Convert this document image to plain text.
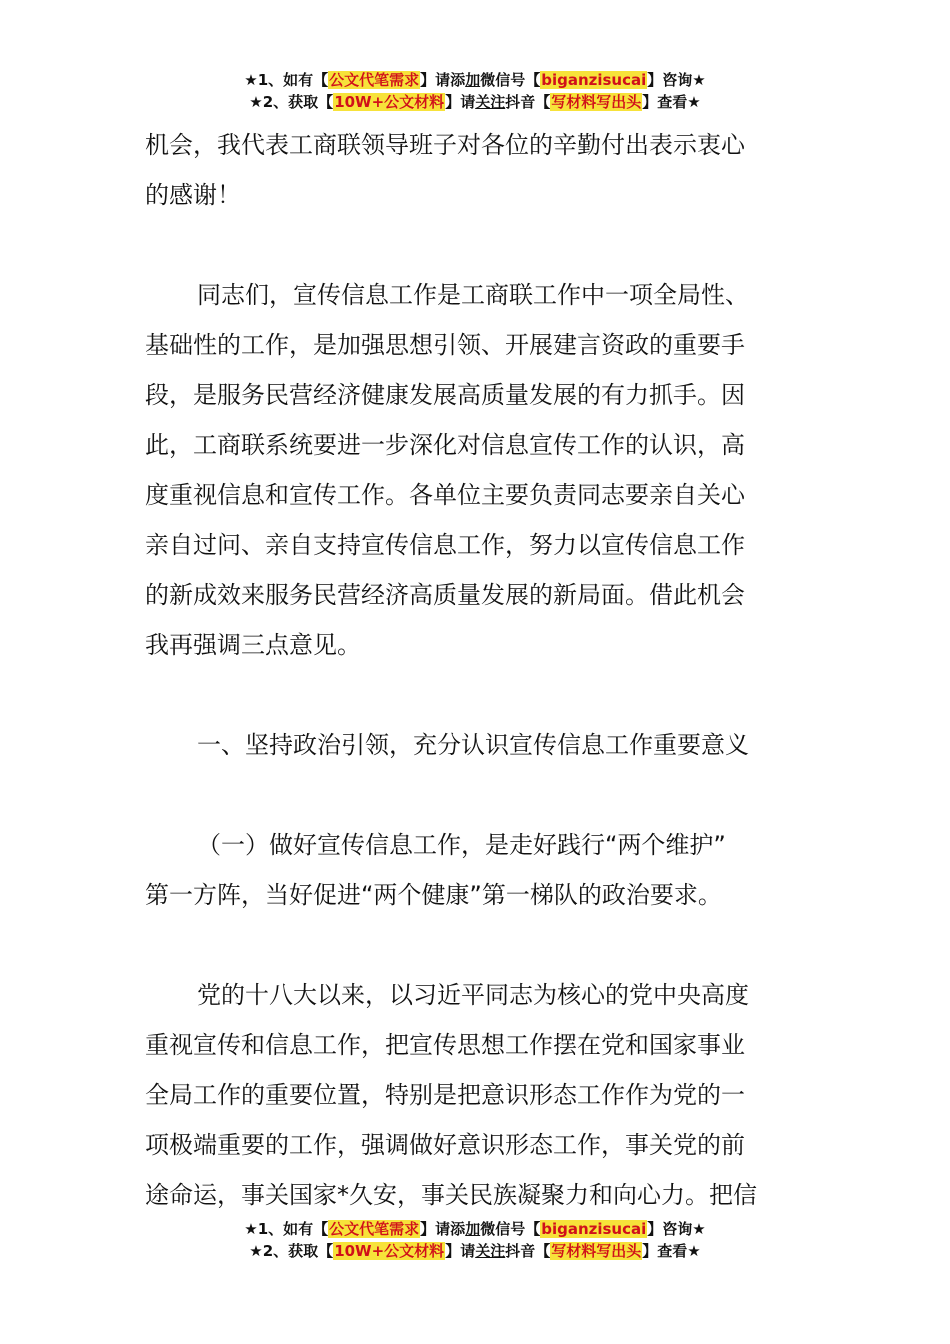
★1、如有【公文代笔需求】请添加微信号【biganzisucai】咨询★
★2、获取【10W+公文材料】请关注抖音【写材料写出头】查看★
机会，我代表工商联领导班子对各位的辛勤付出表示衷心
的感谢！
同志们，宣传信息工作是工商联工作中一项全局性、
基础性的工作，是加强思想引领、开展建言资政的重要手
段，是服务民营经济健康发展高质量发展的有力抓手。因
此，工商联系统要进一步深化对信息宣传工作的认识，高
度重视信息和宣传工作。各单位主要负责同志要亲自关心
亲自过问、亲自支持宣传信息工作，努力以宣传信息工作
的新成效来服务民营经济高质量发展的新局面。借此机会
我再强调三点意见。
一、坚持政治引领，充分认识宣传信息工作重要意义
（一）做好宣传信息工作，是走好践行“两个维护”
第一方阵，当好促进“两个健康”第一梯队的政治要求。
党的十八大以来，以习近平同志为核心的党中央高度
重视宣传和信息工作，把宣传思想工作摆在党和国家事业
全局工作的重要位置，特别是把意识形态工作作为党的一
项极端重要的工作，强调做好意识形态工作，事关党的前
途命运，事关国家*久安，事关民族凝聚力和向心力。把信
★1、如有【公文代笔需求】请添加微信号【biganzisucai】咨询★
★2、获取【10W+公文材料】请关注抖音【写材料写出头】查看★
